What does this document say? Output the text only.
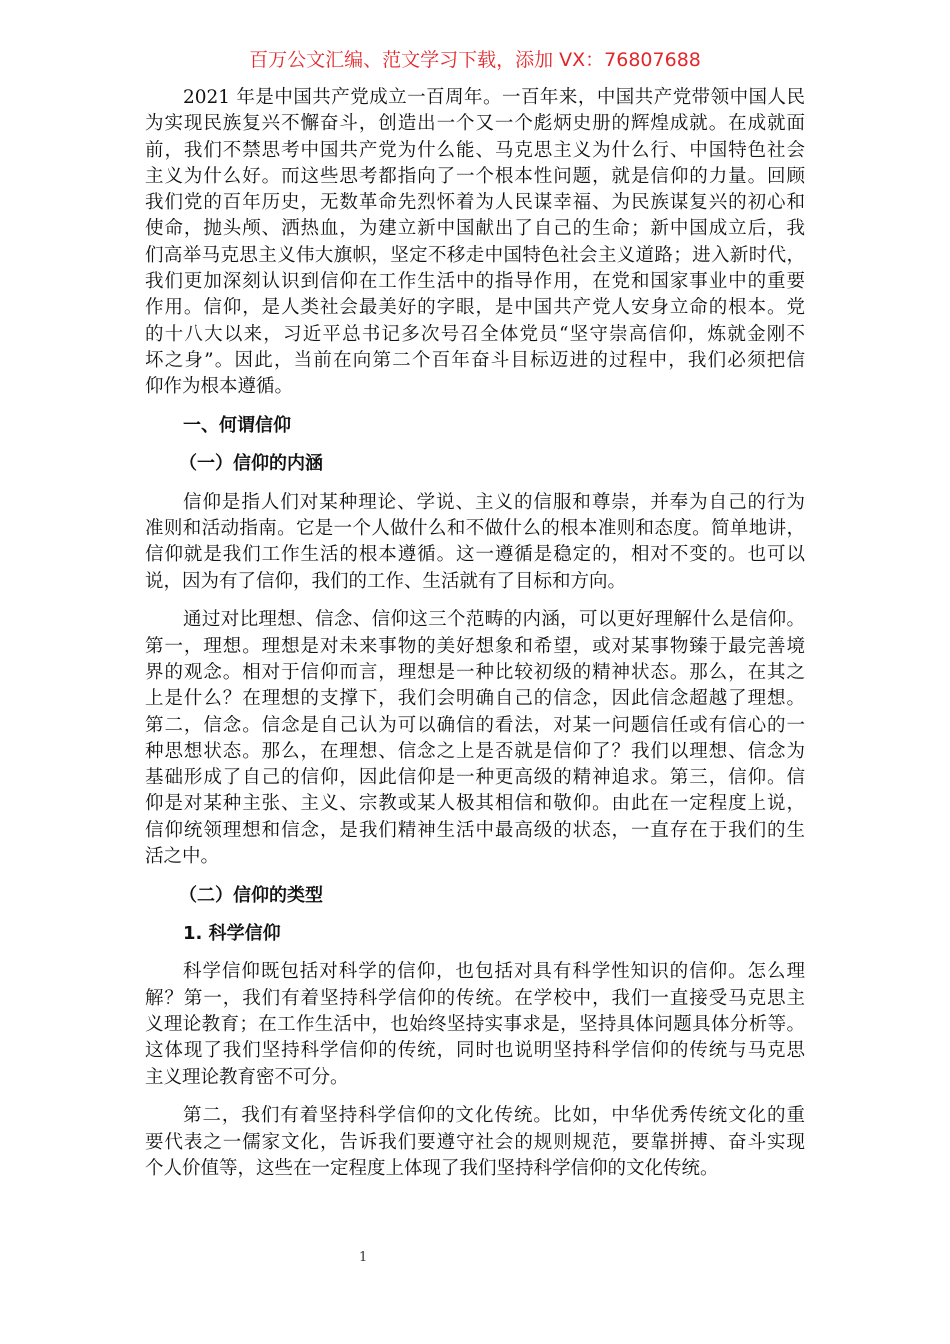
百万公文汇编、范文学习下载，添加 VX：76807688
2021 年是中国共产党成立一百周年。一百年来，中国共产党带领中国人民
为实现民族复兴不懈奋斗，创造出一个又一个彪炳史册的辉煌成就。在成就面
前，我们不禁思考中国共产党为什么能、马克思主义为什么行、中国特色社会
主义为什么好。而这些思考都指向了一个根本性问题，就是信仰的力量。回顾
我们党的百年历史，无数革命先烈怀着为人民谋幸福、为民族谋复兴的初心和
使命，抛头颅、洒热血，为建立新中国献出了自己的生命；新中国成立后，我
们高举马克思主义伟大旗帜，坚定不移走中国特色社会主义道路；进入新时代，
我们更加深刻认识到信仰在工作生活中的指导作用，在党和国家事业中的重要
作用。信仰，是人类社会最美好的字眼，是中国共产党人安身立命的根本。党
的十八大以来，习近平总书记多次号召全体党员“坚守崇高信仰，炼就金刚不
坏之身”。因此，当前在向第二个百年奋斗目标迈进的过程中，我们必须把信
仰作为根本遵循。
一、何谓信仰
（一）信仰的内涵
信仰是指人们对某种理论、学说、主义的信服和尊崇，并奉为自己的行为
准则和活动指南。它是一个人做什么和不做什么的根本准则和态度。简单地讲，
信仰就是我们工作生活的根本遵循。这一遵循是稳定的，相对不变的。也可以
说，因为有了信仰，我们的工作、生活就有了目标和方向。
通过对比理想、信念、信仰这三个范畴的内涵，可以更好理解什么是信仰。
第一，理想。理想是对未来事物的美好想象和希望，或对某事物臻于最完善境
界的观念。相对于信仰而言，理想是一种比较初级的精神状态。那么，在其之
上是什么？在理想的支撑下，我们会明确自己的信念，因此信念超越了理想。
第二，信念。信念是自己认为可以确信的看法，对某一问题信任或有信心的一
种思想状态。那么，在理想、信念之上是否就是信仰了？我们以理想、信念为
基础形成了自己的信仰，因此信仰是一种更高级的精神追求。第三，信仰。信
仰是对某种主张、主义、宗教或某人极其相信和敬仰。由此在一定程度上说，
信仰统领理想和信念，是我们精神生活中最高级的状态，一直存在于我们的生
活之中。
（二）信仰的类型
1. 科学信仰
科学信仰既包括对科学的信仰，也包括对具有科学性知识的信仰。怎么理
解？第一，我们有着坚持科学信仰的传统。在学校中，我们一直接受马克思主
义理论教育；在工作生活中，也始终坚持实事求是，坚持具体问题具体分析等。
这体现了我们坚持科学信仰的传统，同时也说明坚持科学信仰的传统与马克思
主义理论教育密不可分。
第二，我们有着坚持科学信仰的文化传统。比如，中华优秀传统文化的重
要代表之一儒家文化，告诉我们要遵守社会的规则规范，要靠拼搏、奋斗实现
个人价值等，这些在一定程度上体现了我们坚持科学信仰的文化传统。
1
